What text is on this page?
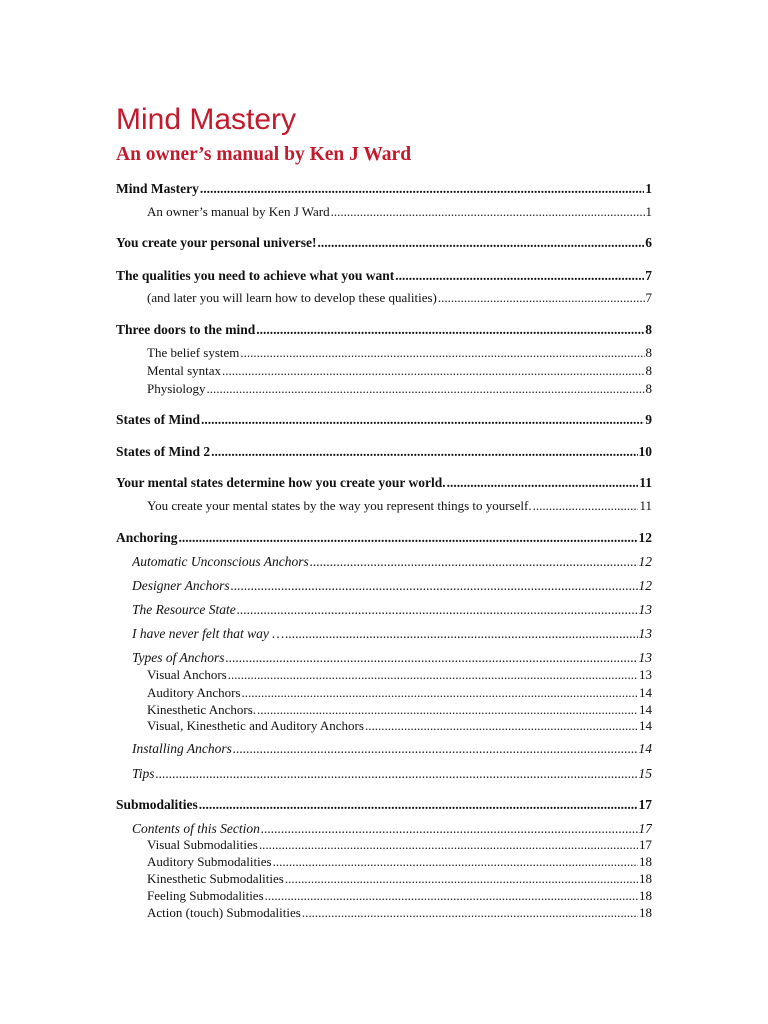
Mind Mastery
An owner’s manual by Ken J Ward
Mind Mastery .....	1
An owner’s manual by Ken J Ward .....	1
You create your personal universe! .....	6
The qualities you need to achieve what you want .....	7
(and later you will learn how to develop these qualities) .....	7
Three doors to the mind .....	8
The belief system .....	8
Mental syntax .....	8
Physiology .....	8
States of Mind .....	9
States of Mind 2 .....	10
Your mental states determine how you create your world. .....	11
You create your mental states by the way you represent things to yourself. .....	11
Anchoring .....	12
Automatic Unconscious Anchors .....	12
Designer Anchors .....	12
The Resource State .....	13
I have never felt that way … .....	13
Types of Anchors .....	13
Visual Anchors .....	13
Auditory Anchors .....	14
Kinesthetic Anchors. .....	14
Visual, Kinesthetic and Auditory Anchors .....	14
Installing Anchors .....	14
Tips .....	15
Submodalities .....	17
Contents of this Section .....	17
Visual Submodalities .....	17
Auditory Submodalities .....	18
Kinesthetic Submodalities .....	18
Feeling Submodalities .....	18
Action (touch) Submodalities .....	18
